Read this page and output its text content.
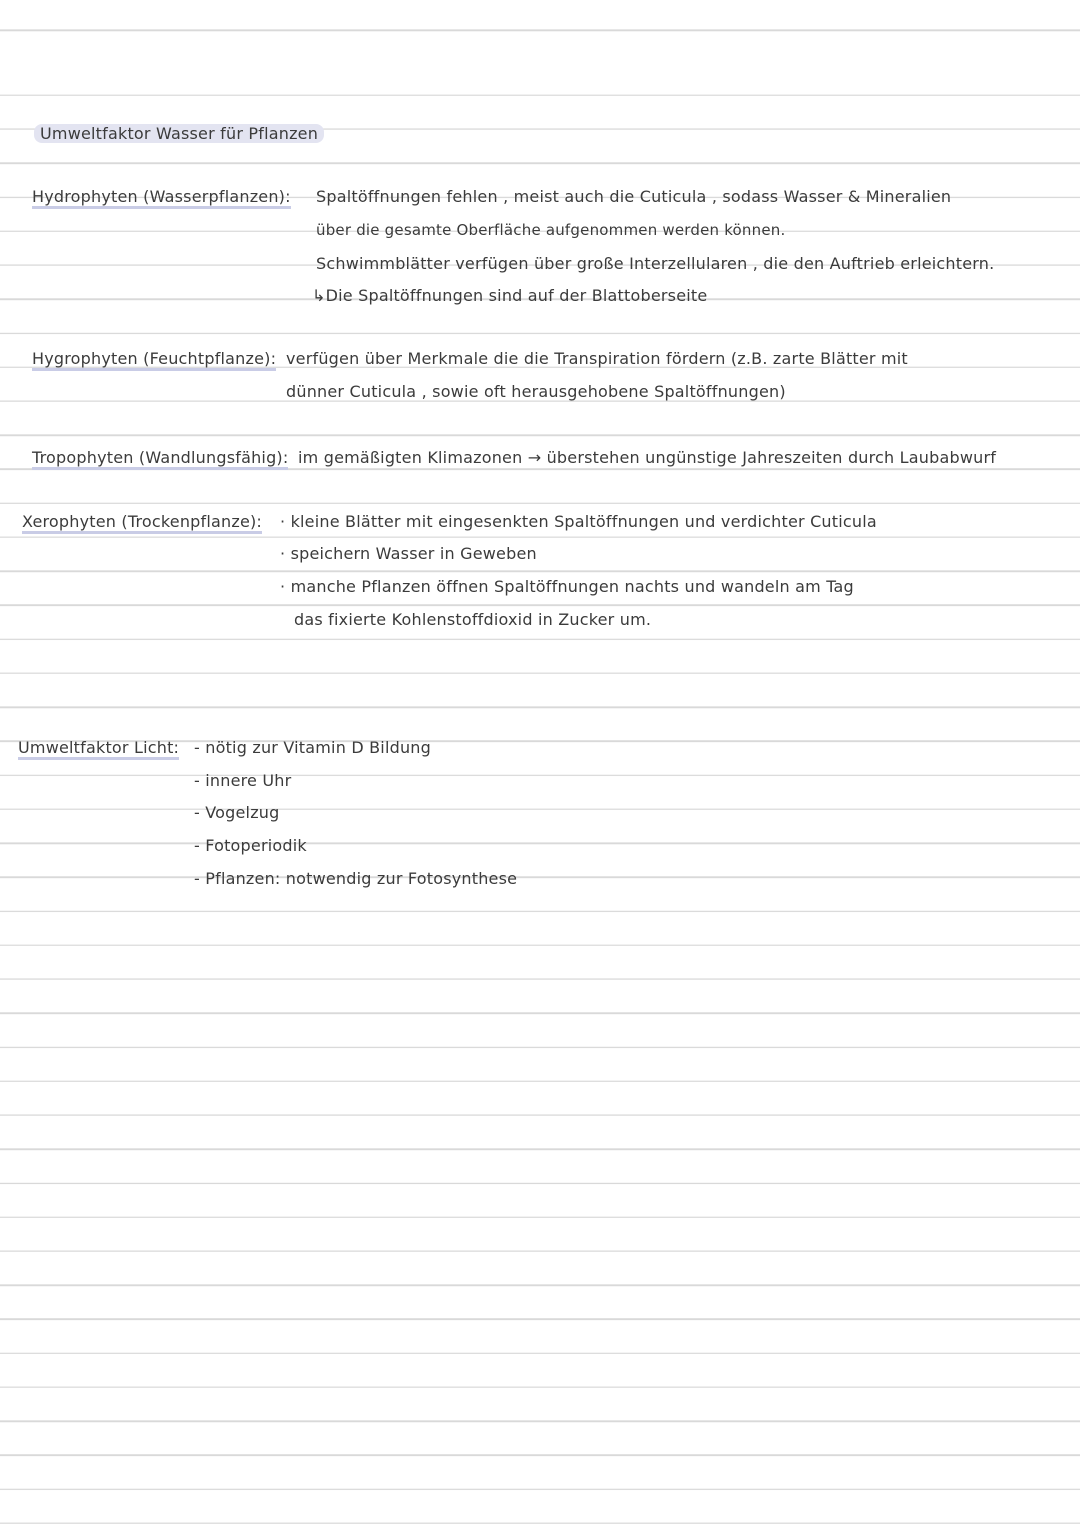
Umweltfaktor Wasser für Pflanzen
Hydrophyten (Wasserpflanzen): Spaltöffnungen fehlen , meist auch die Cuticula , sodass Wasser & Mineralien
über die gesamte Oberfläche aufgenommen werden können.
Schwimmblätter verfügen über große Interzellularen , die den Auftrieb erleichtern.
↳Die Spaltöffnungen sind auf der Blattoberseite
Hygrophyten (Feuchtpflanze): verfügen über Merkmale die die Transpiration fördern (z.B. zarte Blätter mit
dünner Cuticula , sowie oft herausgehobene Spaltöffnungen)
Tropophyten (Wandlungsfähig): im gemäßigten Klimazonen → überstehen ungünstige Jahreszeiten durch Laubabwurf
Xerophyten (Trockenpflanze): · kleine Blätter mit eingesenkten Spaltöffnungen und verdichter Cuticula
· speichern Wasser in Geweben
· manche Pflanzen öffnen Spaltöffnungen nachts und wandeln am Tag
das fixierte Kohlenstoffdioxid in Zucker um.
Umweltfaktor Licht: - nötig zur Vitamin D Bildung
- innere Uhr
- Vogelzug
- Fotoperiodik
- Pflanzen: notwendig zur Fotosynthese
